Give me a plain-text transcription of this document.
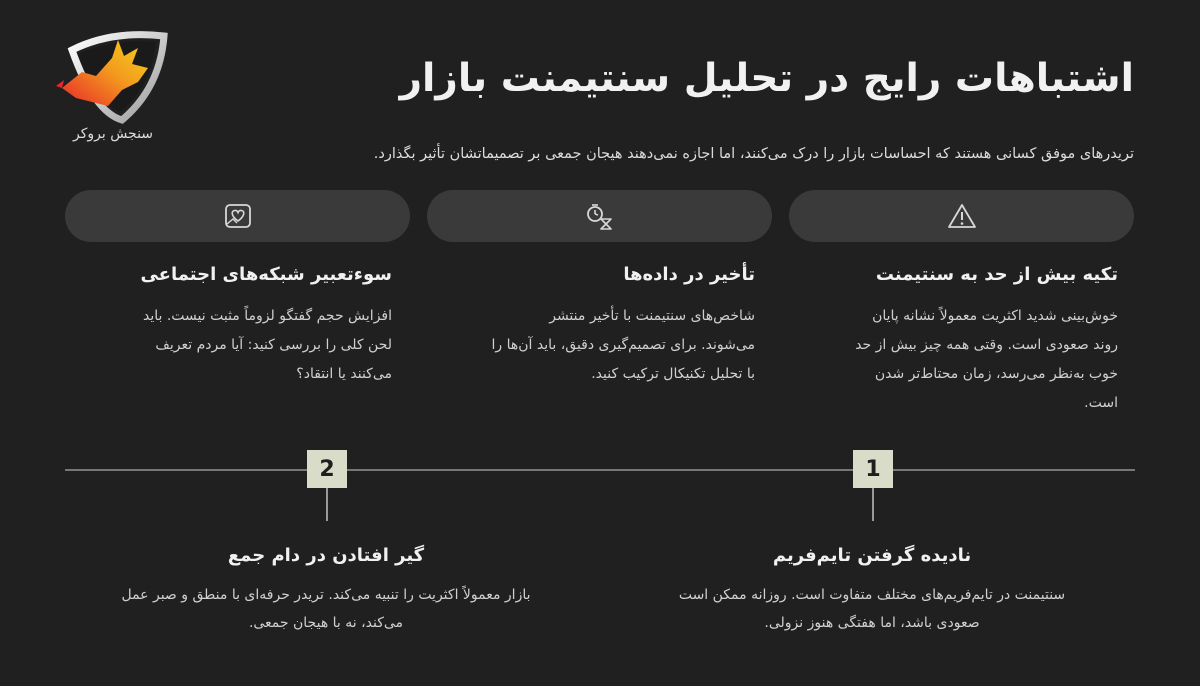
سنجش بروکر
اشتباهات رایج در تحلیل سنتیمنت بازار

تریدرهای موفق کسانی هستند که احساسات بازار را درک می‌کنند، اما اجازه نمی‌دهند هیجان جمعی بر تصمیماتشان تأثیر بگذارد.

تکیه بیش از حد به سنتیمنت

خوش‌بینی شدید اکثریت معمولاً نشانه پایان
روند صعودی است. وقتی همه چیز بیش از حد
خوب به‌نظر می‌رسد، زمان محتاط‌تر شدن
است.

تأخیر در داده‌ها

شاخص‌های سنتیمنت با تأخیر منتشر
می‌شوند. برای تصمیم‌گیری دقیق، باید آن‌ها را
با تحلیل تکنیکال ترکیب کنید.

سوءتعبیر شبکه‌های اجتماعی

افزایش حجم گفتگو لزوماً مثبت نیست. باید
لحن کلی را بررسی کنید: آیا مردم تعریف
می‌کنند یا انتقاد؟

1
نادیده گرفتن تایم‌فریم

سنتیمنت در تایم‌فریم‌های مختلف متفاوت است. روزانه ممکن است
صعودی باشد، اما هفتگی هنوز نزولی.

2
گیر افتادن در دام جمع

بازار معمولاً اکثریت را تنبیه می‌کند. تریدر حرفه‌ای با منطق و صبر عمل
می‌کند، نه با هیجان جمعی.
